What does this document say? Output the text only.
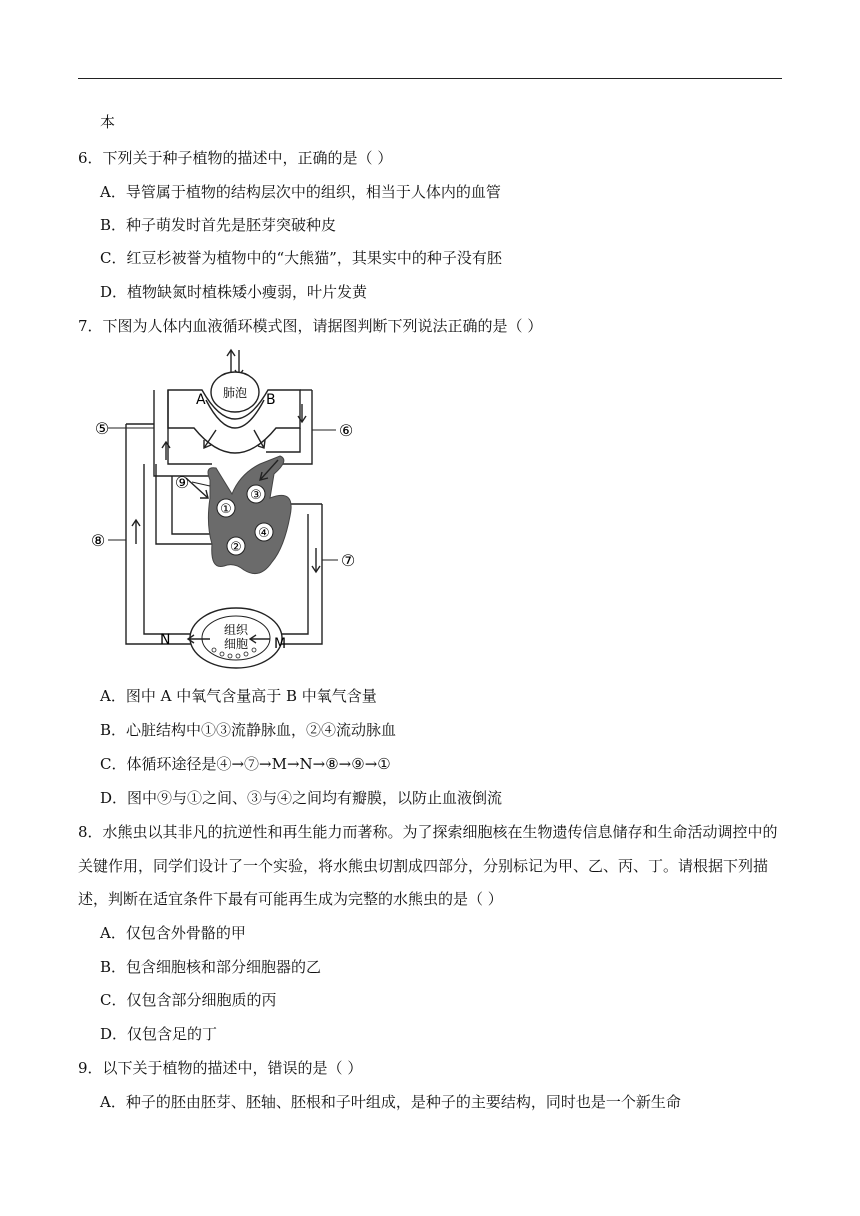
本
6．下列关于种子植物的描述中，正确的是（ ）
A．导管属于植物的结构层次中的组织，相当于人体内的血管
B．种子萌发时首先是胚芽突破种皮
C．红豆杉被誉为植物中的“大熊猫”，其果实中的种子没有胚
D．植物缺氮时植株矮小瘦弱，叶片发黄
7．下图为人体内血液循环模式图，请据图判断下列说法正确的是（ ）
肺泡
A	B
⑤	⑥
⑨
①
③
④
②
⑧
⑦
组织
细胞
N	M
A．图中 A 中氧气含量高于 B 中氧气含量
B．心脏结构中①③流静脉血，②④流动脉血
C．体循环途径是④→⑦→M→N→⑧→⑨→①
D．图中⑨与①之间、③与④之间均有瓣膜，以防止血液倒流
8．水熊虫以其非凡的抗逆性和再生能力而著称。为了探索细胞核在生物遗传信息储存和生命活动调控中的
关键作用，同学们设计了一个实验，将水熊虫切割成四部分，分别标记为甲、乙、丙、丁。请根据下列描
述，判断在适宜条件下最有可能再生成为完整的水熊虫的是（ ）
A．仅包含外骨骼的甲
B．包含细胞核和部分细胞器的乙
C．仅包含部分细胞质的丙
D．仅包含足的丁
9．以下关于植物的描述中，错误的是（ ）
A．种子的胚由胚芽、胚轴、胚根和子叶组成，是种子的主要结构，同时也是一个新生命
